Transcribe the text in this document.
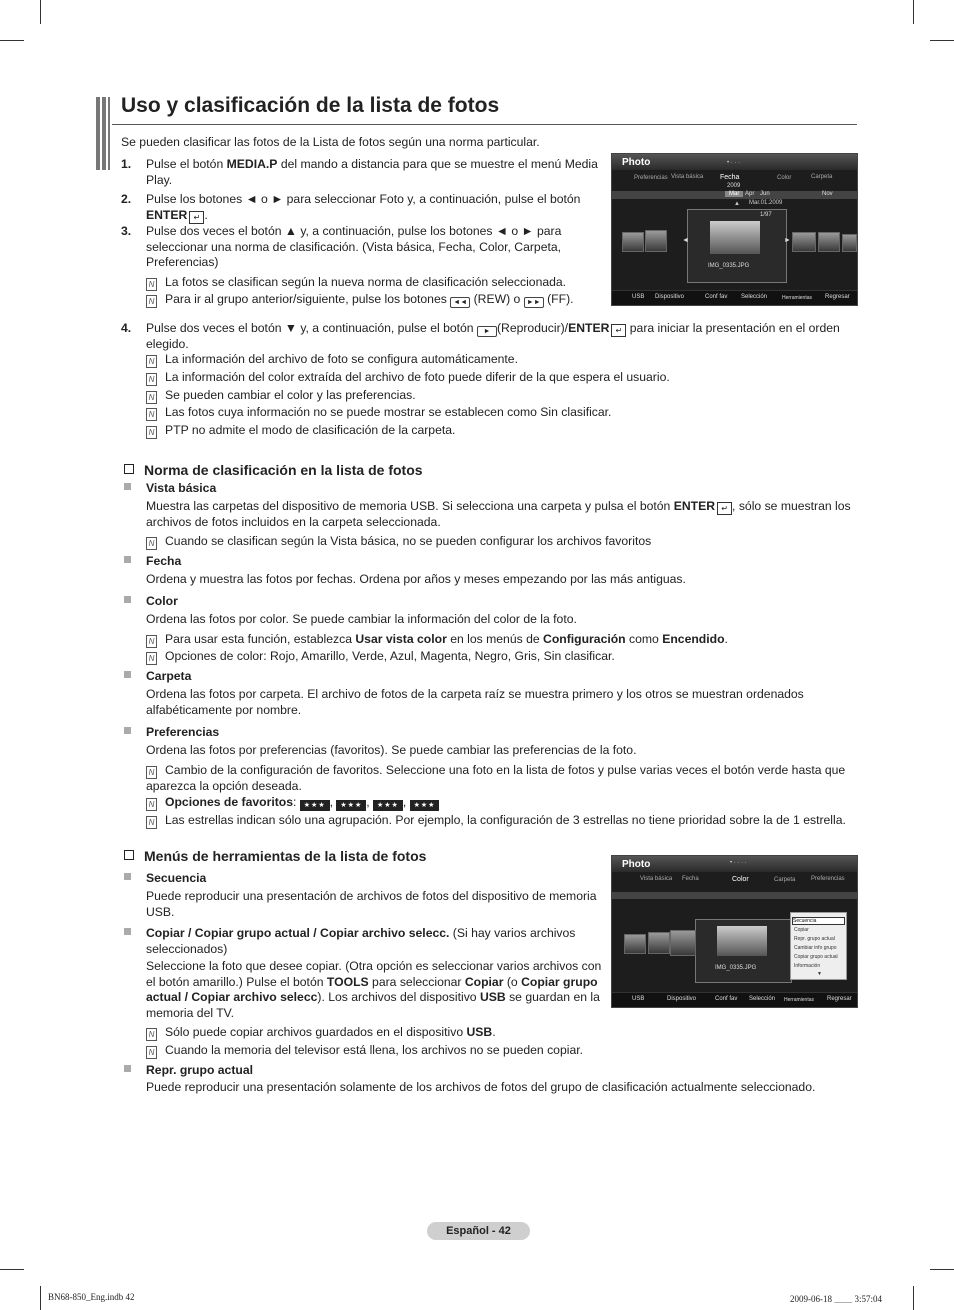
Uso y clasificación de la lista de fotos

Se pueden clasificar las fotos de la Lista de fotos según una norma particular.

1. Pulse el botón MEDIA.P del mando a distancia para que se muestre el menú Media Play.
2. Pulse los botones ◄ o ► para seleccionar Foto y, a continuación, pulse el botón ENTER ↵ .
3. Pulse dos veces el botón ▲ y, a continuación, pulse los botones ◄ o ► para seleccionar una norma de clasificación. (Vista básica, Fecha, Color, Carpeta, Preferencias)
N La fotos se clasifican según la nueva norma de clasificación seleccionada.
N Para ir al grupo anterior/siguiente, pulse los botones ◄◄ (REW) o ►► (FF).
4. Pulse dos veces el botón ▼ y, a continuación, pulse el botón ► (Reproducir)/ENTER ↵ para iniciar la presentación en el orden elegido.
N La información del archivo de foto se configura automáticamente.
N La información del color extraída del archivo de foto puede diferir de la que espera el usuario.
N Se pueden cambiar el color y las preferencias.
N Las fotos cuya información no se puede mostrar se establecen como Sin clasificar.
N PTP no admite el modo de clasificación de la carpeta.
Photo	• · · ·
Preferencias Vista básica Fecha	Color	Carpeta
2009
Mar Apr Jun	Nov
Mar.01.2009
▲
1/97
IMG_0335.JPG
◄	►
USB Dispositivo	Conf fav Selección	Herramientas Regresar
Norma de clasificación en la lista de fotos
Vista básica
Muestra las carpetas del dispositivo de memoria USB. Si selecciona una carpeta y pulsa el botón ENTER ↵ , sólo se muestran los archivos de fotos incluidos en la carpeta seleccionada.
N Cuando se clasifican según la Vista básica, no se pueden configurar los archivos favoritos
Fecha
Ordena y muestra las fotos por fechas. Ordena por años y meses empezando por las más antiguas.
Color
Ordena las fotos por color. Se puede cambiar la información del color de la foto.
N Para usar esta función, establezca Usar vista color en los menús de Configuración como Encendido.
N Opciones de color: Rojo, Amarillo, Verde, Azul, Magenta, Negro, Gris, Sin clasificar.
Carpeta
Ordena las fotos por carpeta. El archivo de fotos de la carpeta raíz se muestra primero y los otros se muestran ordenados alfabéticamente por nombre.
Preferencias
Ordena las fotos por preferencias (favoritos). Se puede cambiar las preferencias de la foto.
N Cambio de la configuración de favoritos. Seleccione una foto en la lista de fotos y pulse varias veces el botón verde hasta que aparezca la opción deseada.
N Opciones de favoritos: ★★★ , ★★★ , ★★★ , ★★★
N Las estrellas indican sólo una agrupación. Por ejemplo, la configuración de 3 estrellas no tiene prioridad sobre la de 1 estrella.
Menús de herramientas de la lista de fotos
Secuencia
Puede reproducir una presentación de archivos de fotos del dispositivo de memoria USB.
Copiar / Copiar grupo actual / Copiar archivo selecc. (Si hay varios archivos seleccionados)
Seleccione la foto que desee copiar. (Otra opción es seleccionar varios archivos con el botón amarillo.) Pulse el botón TOOLS para seleccionar Copiar (o Copiar grupo actual / Copiar archivo selecc). Los archivos del dispositivo USB se guardan en la memoria del TV.
N Sólo puede copiar archivos guardados en el dispositivo USB.
N Cuando la memoria del televisor está llena, los archivos no se pueden copiar.
Repr. grupo actual
Puede reproducir una presentación solamente de los archivos de fotos del grupo de clasificación actualmente seleccionado.
Photo	• · · · ·
Vista básica Fecha	Color	Carpeta	Preferencias
IMG_0335.JPG
Secuencia
Copiar
Repr. grupo actual
Cambiar info grupo
Copiar grupo actual
Información
▼
USB	Dispositivo	Conf fav Selección Herramientas Regresar
Español - 42
BN68-850_Eng.indb 42	2009-06-18 ＿＿ 3:57:04
